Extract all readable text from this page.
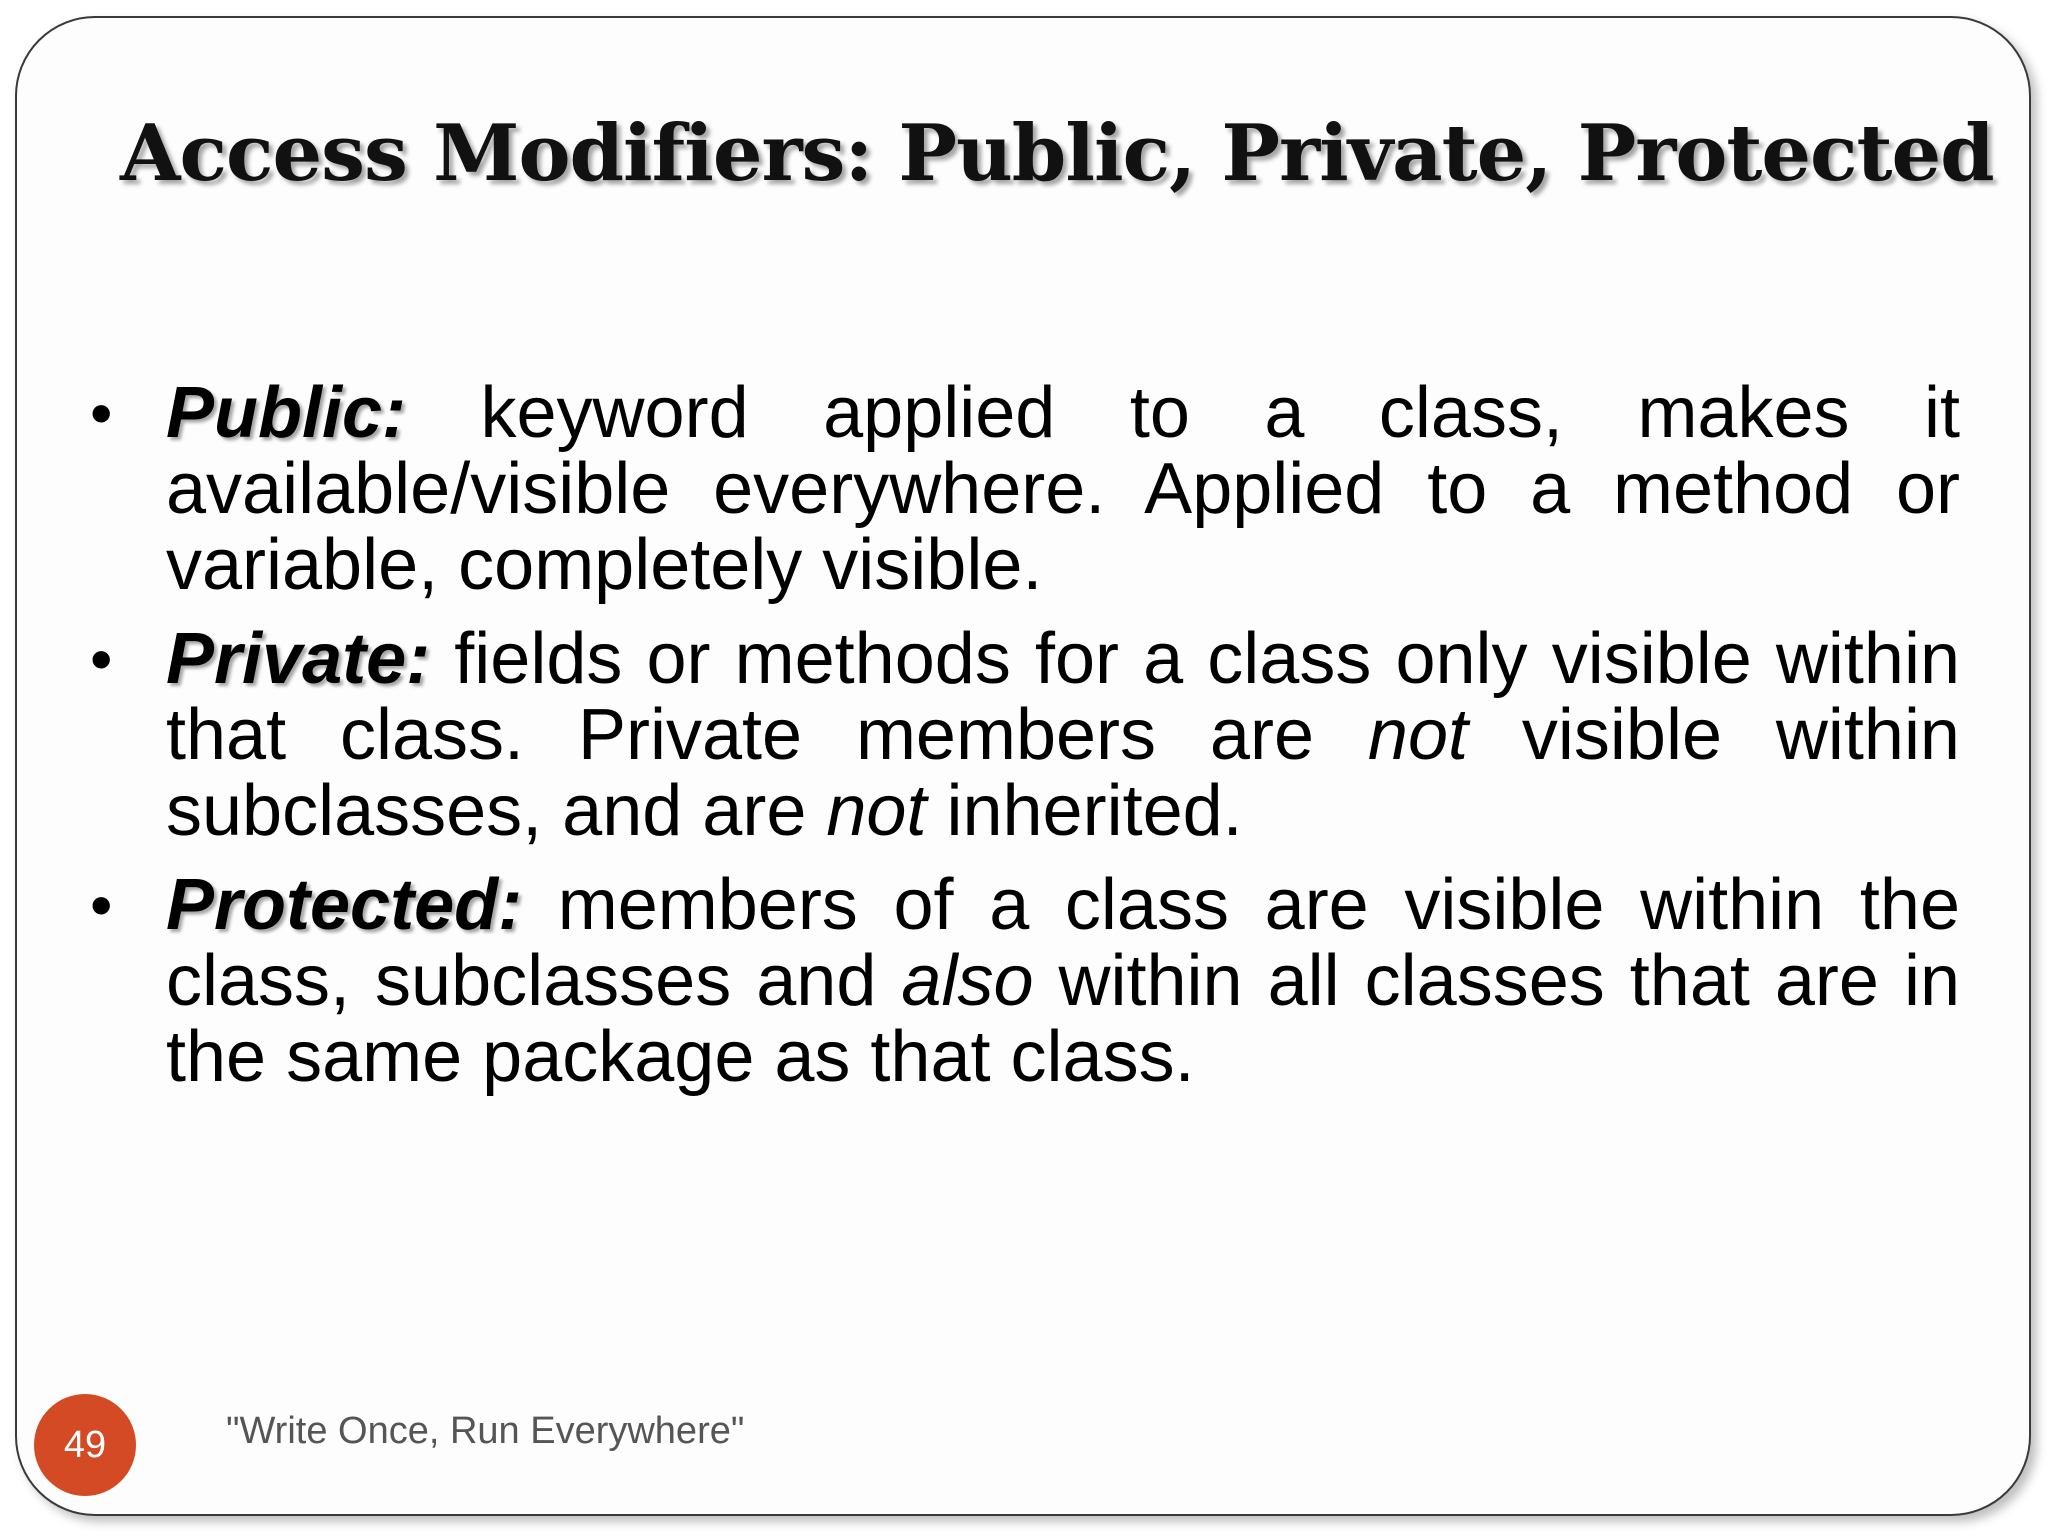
Access Modifiers: Public, Private, Protected
• Public: keyword applied to a class, makes it available/visible everywhere. Applied to a method or variable, completely visible.
• Private: fields or methods for a class only visible within that class. Private members are not visible within subclasses, and are not inherited.
• Protected: members of a class are visible within the class, subclasses and also within all classes that are in the same package as that class.
49	"Write Once, Run Everywhere"
